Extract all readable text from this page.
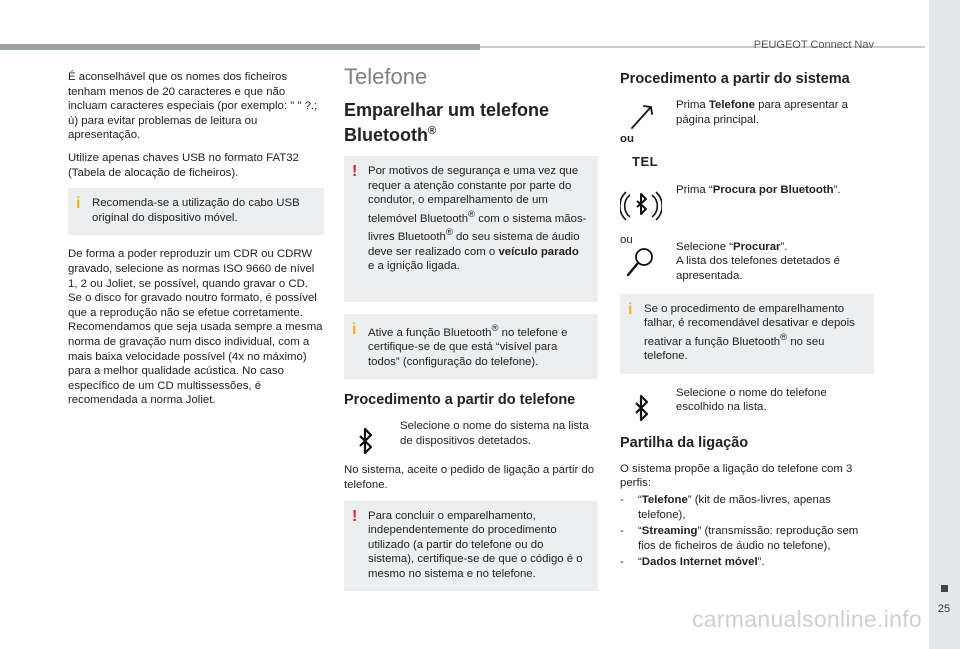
PEUGEOT Connect Nav
25
carmanualsonline.info

É aconselhável que os nomes dos ficheiros tenham menos de 20 caracteres e que não incluam caracteres especiais (por exemplo: " " ?.; ù) para evitar problemas de leitura ou apresentação.

Utilize apenas chaves USB no formato FAT32 (Tabela de alocação de ficheiros).

i Recomenda-se a utilização do cabo USB original do dispositivo móvel.

De forma a poder reproduzir um CDR ou CDRW gravado, selecione as normas ISO 9660 de nível 1, 2 ou Joliet, se possível, quando gravar o CD. Se o disco for gravado noutro formato, é possível que a reprodução não se efetue corretamente. Recomendamos que seja usada sempre a mesma norma de gravação num disco individual, com a mais baixa velocidade possível (4x no máximo) para a melhor qualidade acústica. No caso específico de um CD multissessões, é recomendada a norma Joliet.

Telefone
Emparelhar um telefone Bluetooth®
! Por motivos de segurança e uma vez que requer a atenção constante por parte do condutor, o emparelhamento de um telemóvel Bluetooth® com o sistema mãos-livres Bluetooth® do seu sistema de áudio deve ser realizado com o veículo parado e a ignição ligada.
i Ative a função Bluetooth® no telefone e certifique-se de que está “visível para todos” (configuração do telefone).
Procedimento a partir do telefone
Selecione o nome do sistema na lista de dispositivos detetados.

No sistema, aceite o pedido de ligação a partir do telefone.

! Para concluir o emparelhamento, independentemente do procedimento utilizado (a partir do telefone ou do sistema), certifique-se de que o código é o mesmo no sistema e no telefone.
Procedimento a partir do sistema
Prima Telefone para apresentar a página principal.
ou
TEL
Prima “Procura por Bluetooth”.
ou
Selecione “Procurar”.
A lista dos telefones detetados é apresentada.
i Se o procedimento de emparelhamento falhar, é recomendável desativar e depois reativar a função Bluetooth® no seu telefone.
Selecione o nome do telefone escolhido na lista.
Partilha da ligação

O sistema propõe a ligação do telefone com 3 perfis:

- “Telefone” (kit de mãos-livres, apenas telefone),
- “Streaming” (transmissão: reprodução sem fios de ficheiros de áudio no telefone),
- “Dados Internet móvel”.
